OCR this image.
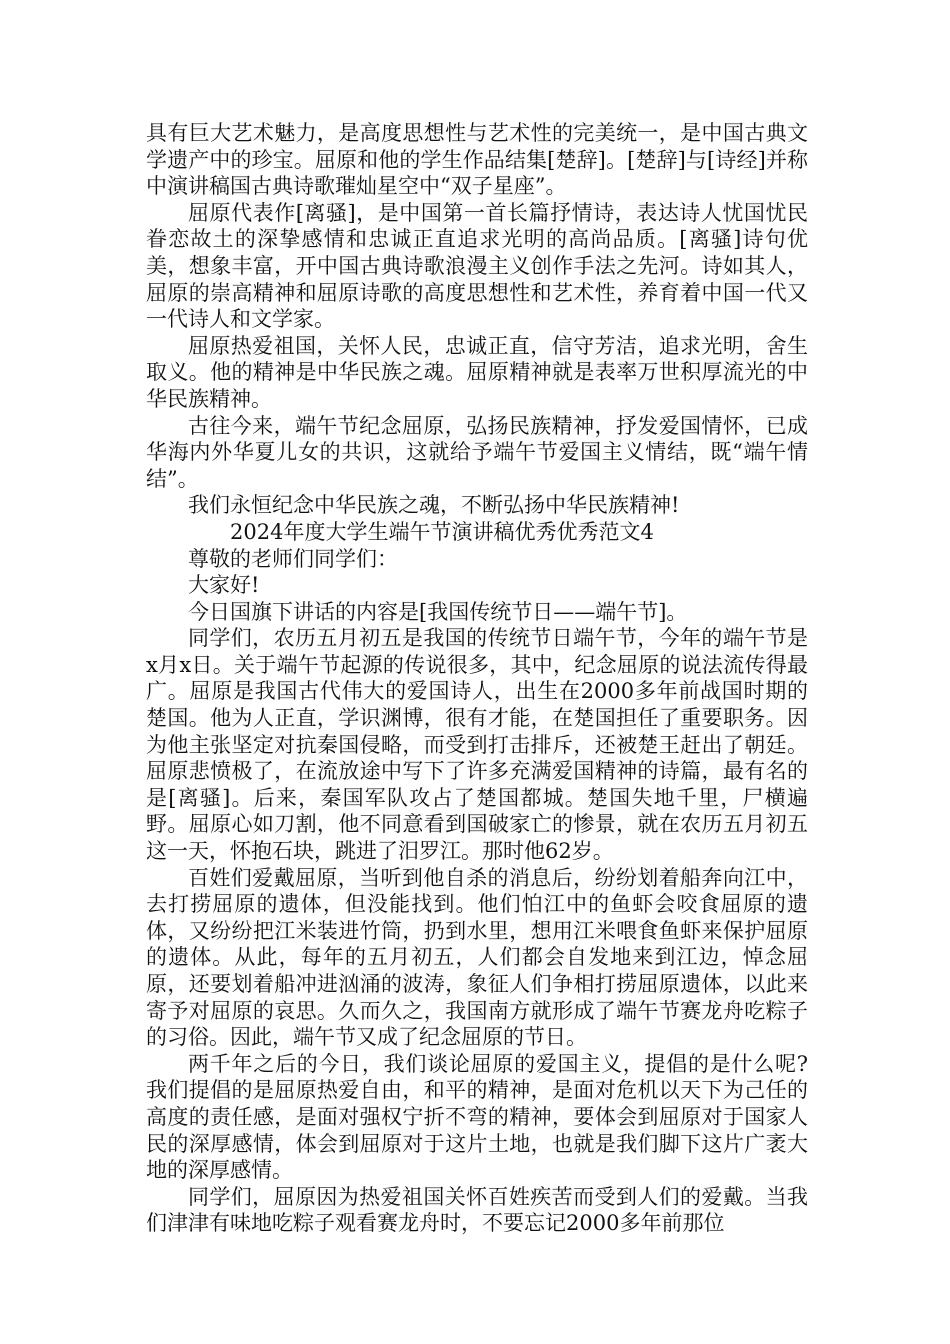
具有巨大艺术魅力，是高度思想性与艺术性的完美统一，是中国古典文学遗产中的珍宝。屈原和他的学生作品结集[楚辞]。[楚辞]与[诗经]并称中演讲稿国古典诗歌璀灿星空中“双子星座”。

屈原代表作[离骚]，是中国第一首长篇抒情诗，表达诗人忧国忧民眷恋故土的深挚感情和忠诚正直追求光明的高尚品质。[离骚]诗句优美，想象丰富，开中国古典诗歌浪漫主义创作手法之先河。诗如其人，屈原的崇高精神和屈原诗歌的高度思想性和艺术性，养育着中国一代又一代诗人和文学家。

屈原热爱祖国，关怀人民，忠诚正直，信守芳洁，追求光明，舍生取义。他的精神是中华民族之魂。屈原精神就是表率万世积厚流光的中华民族精神。

古往今来，端午节纪念屈原，弘扬民族精神，抒发爱国情怀，已成华海内外华夏儿女的共识，这就给予端午节爱国主义情结，既“端午情结”。

我们永恒纪念中华民族之魂，不断弘扬中华民族精神!

2024年度大学生端午节演讲稿优秀优秀范文4

尊敬的老师们同学们：

大家好!

今日国旗下讲话的内容是[我国传统节日——端午节]。

同学们，农历五月初五是我国的传统节日端午节，今年的端午节是x月x日。关于端午节起源的传说很多，其中，纪念屈原的说法流传得最广。屈原是我国古代伟大的爱国诗人，出生在2000多年前战国时期的楚国。他为人正直，学识渊博，很有才能，在楚国担任了重要职务。因为他主张坚定对抗秦国侵略，而受到打击排斥，还被楚王赶出了朝廷。屈原悲愤极了，在流放途中写下了许多充满爱国精神的诗篇，最有名的是[离骚]。后来，秦国军队攻占了楚国都城。楚国失地千里，尸横遍野。屈原心如刀割，他不同意看到国破家亡的惨景，就在农历五月初五这一天，怀抱石块，跳进了汨罗江。那时他62岁。

百姓们爱戴屈原，当听到他自杀的消息后，纷纷划着船奔向江中，去打捞屈原的遗体，但没能找到。他们怕江中的鱼虾会咬食屈原的遗体，又纷纷把江米装进竹筒，扔到水里，想用江米喂食鱼虾来保护屈原的遗体。从此，每年的五月初五，人们都会自发地来到江边，悼念屈原，还要划着船冲进汹涌的波涛，象征人们争相打捞屈原遗体，以此来寄予对屈原的哀思。久而久之，我国南方就形成了端午节赛龙舟吃粽子的习俗。因此，端午节又成了纪念屈原的节日。

两千年之后的今日，我们谈论屈原的爱国主义，提倡的是什么呢?我们提倡的是屈原热爱自由，和平的精神，是面对危机以天下为己任的高度的责任感，是面对强权宁折不弯的精神，要体会到屈原对于国家人民的深厚感情，体会到屈原对于这片土地，也就是我们脚下这片广袤大地的深厚感情。

同学们，屈原因为热爱祖国关怀百姓疾苦而受到人们的爱戴。当我们津津有味地吃粽子观看赛龙舟时，不要忘记2000多年前那位
